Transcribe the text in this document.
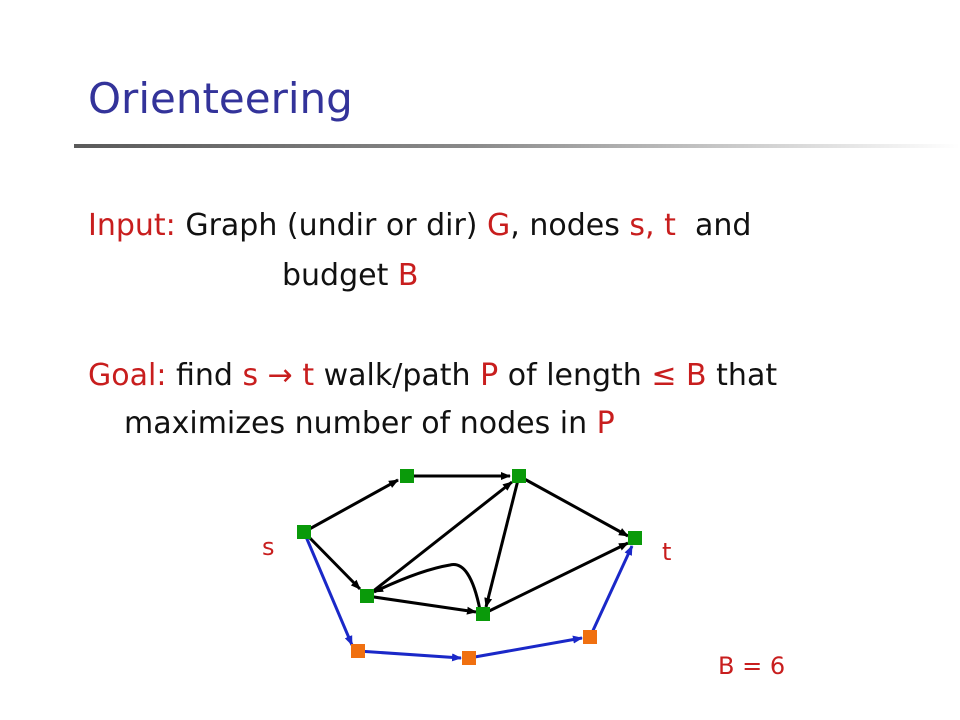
Orienteering
Input: Graph (undir or dir) G, nodes s, t  and
budget B
Goal: find s → t walk/path P of length ≤ B that
maximizes number of nodes in P
s	t
B = 6
